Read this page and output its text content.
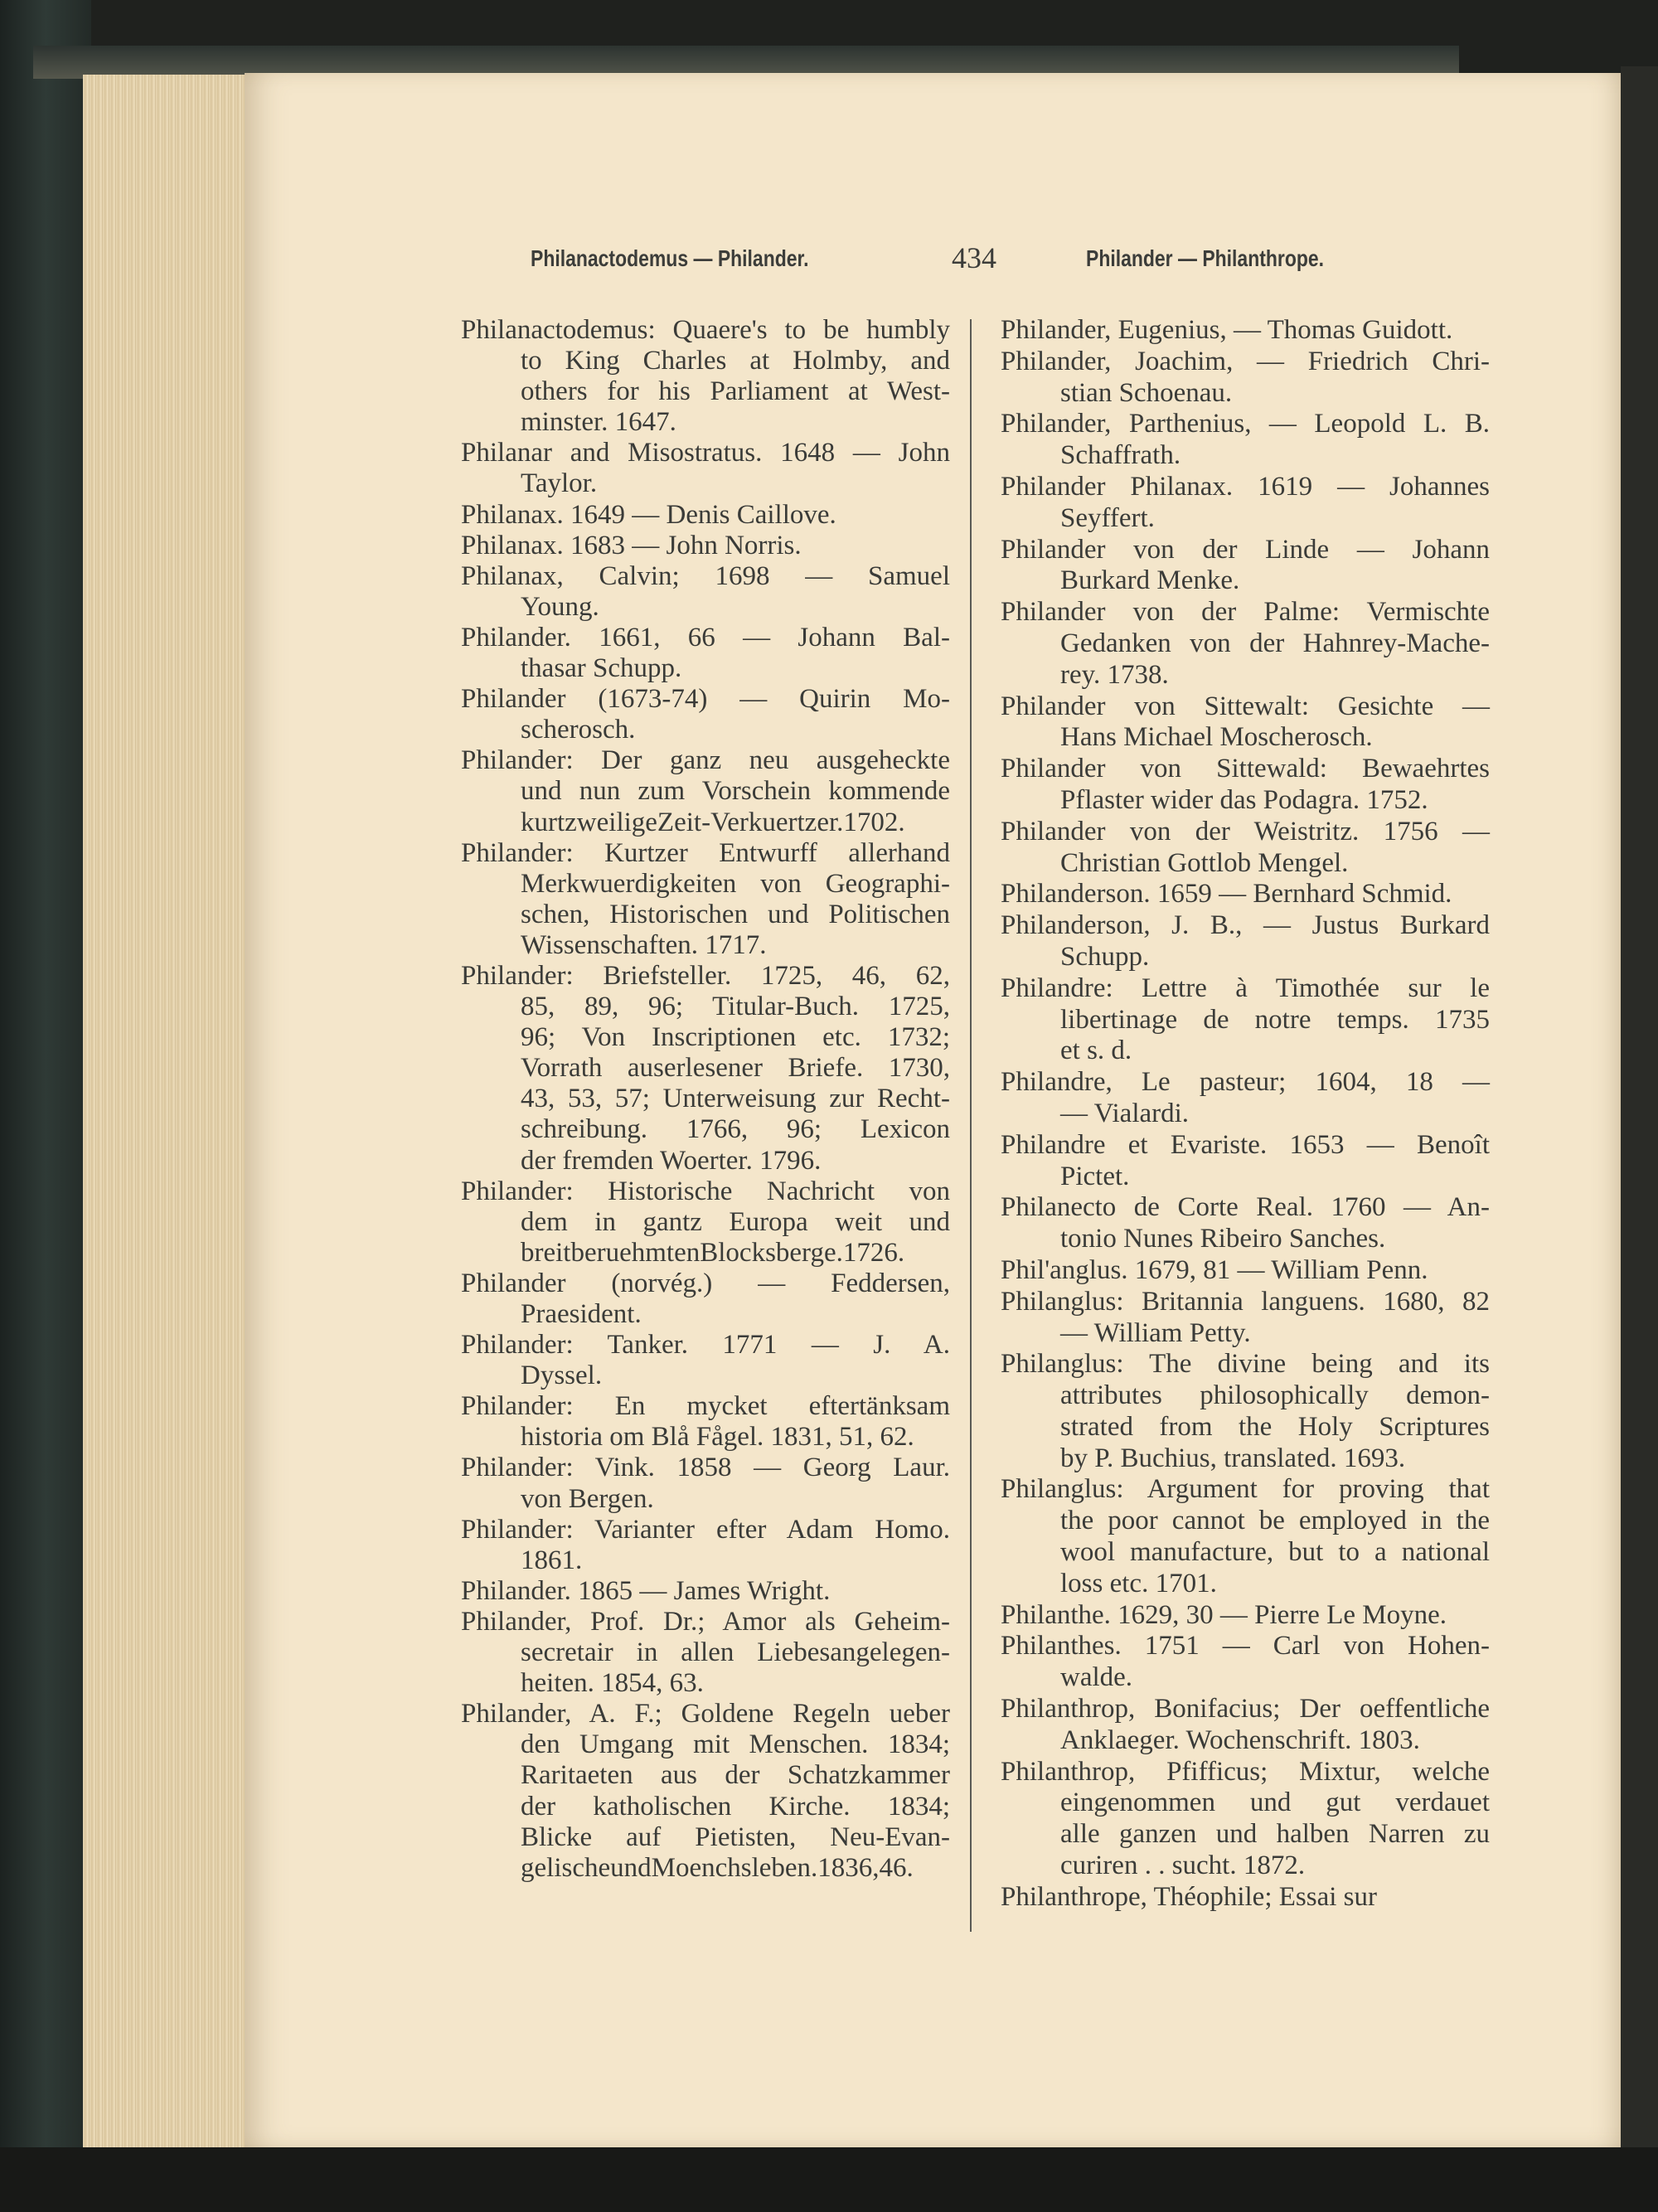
Philanactodemus — Philander.	434	Philander — Philanthrope.
Philanactodemus: Quaere's to be humbly
to King Charles at Holmby, and
others for his Parliament at West-
minster. 1647.
Philanar and Misostratus. 1648 — John
Taylor.
Philanax. 1649 — Denis Caillove.
Philanax. 1683 — John Norris.
Philanax, Calvin; 1698 — Samuel
Young.
Philander. 1661, 66 — Johann Bal-
thasar Schupp.
Philander (1673-74) — Quirin Mo-
scherosch.
Philander: Der ganz neu ausgeheckte
und nun zum Vorschein kommende
kurtzweiligeZeit-Verkuertzer.1702.
Philander: Kurtzer Entwurff allerhand
Merkwuerdigkeiten von Geographi-
schen, Historischen und Politischen
Wissenschaften. 1717.
Philander: Briefsteller. 1725, 46, 62,
85, 89, 96; Titular-Buch. 1725,
96; Von Inscriptionen etc. 1732;
Vorrath auserlesener Briefe. 1730,
43, 53, 57; Unterweisung zur Recht-
schreibung. 1766, 96; Lexicon
der fremden Woerter. 1796.
Philander: Historische Nachricht von
dem in gantz Europa weit und
breitberuehmtenBlocksberge.1726.
Philander (norvég.) — Feddersen,
Praesident.
Philander: Tanker. 1771 — J. A.
Dyssel.
Philander: En mycket eftertänksam
historia om Blå Fågel. 1831, 51, 62.
Philander: Vink. 1858 — Georg Laur.
von Bergen.
Philander: Varianter efter Adam Homo.
1861.
Philander. 1865 — James Wright.
Philander, Prof. Dr.; Amor als Geheim-
secretair in allen Liebesangelegen-
heiten. 1854, 63.
Philander, A. F.; Goldene Regeln ueber
den Umgang mit Menschen. 1834;
Raritaeten aus der Schatzkammer
der katholischen Kirche. 1834;
Blicke auf Pietisten, Neu-Evan-
gelischeundMoenchsleben.1836,46.
Philander, Eugenius, — Thomas Guidott.
Philander, Joachim, — Friedrich Chri-
stian Schoenau.
Philander, Parthenius, — Leopold L. B.
Schaffrath.
Philander Philanax. 1619 — Johannes
Seyffert.
Philander von der Linde — Johann
Burkard Menke.
Philander von der Palme: Vermischte
Gedanken von der Hahnrey-Mache-
rey. 1738.
Philander von Sittewalt: Gesichte —
Hans Michael Moscherosch.
Philander von Sittewald: Bewaehrtes
Pflaster wider das Podagra. 1752.
Philander von der Weistritz. 1756 —
Christian Gottlob Mengel.
Philanderson. 1659 — Bernhard Schmid.
Philanderson, J. B., — Justus Burkard
Schupp.
Philandre: Lettre à Timothée sur le
libertinage de notre temps. 1735
et s. d.
Philandre, Le pasteur; 1604, 18 —
— Vialardi.
Philandre et Evariste. 1653 — Benoît
Pictet.
Philanecto de Corte Real. 1760 — An-
tonio Nunes Ribeiro Sanches.
Phil'anglus. 1679, 81 — William Penn.
Philanglus: Britannia languens. 1680, 82
— William Petty.
Philanglus: The divine being and its
attributes philosophically demon-
strated from the Holy Scriptures
by P. Buchius, translated. 1693.
Philanglus: Argument for proving that
the poor cannot be employed in the
wool manufacture, but to a national
loss etc. 1701.
Philanthe. 1629, 30 — Pierre Le Moyne.
Philanthes. 1751 — Carl von Hohen-
walde.
Philanthrop, Bonifacius; Der oeffentliche
Anklaeger. Wochenschrift. 1803.
Philanthrop, Pfifficus; Mixtur, welche
eingenommen und gut verdauet
alle ganzen und halben Narren zu
curiren . . sucht. 1872.
Philanthrope, Théophile; Essai sur
